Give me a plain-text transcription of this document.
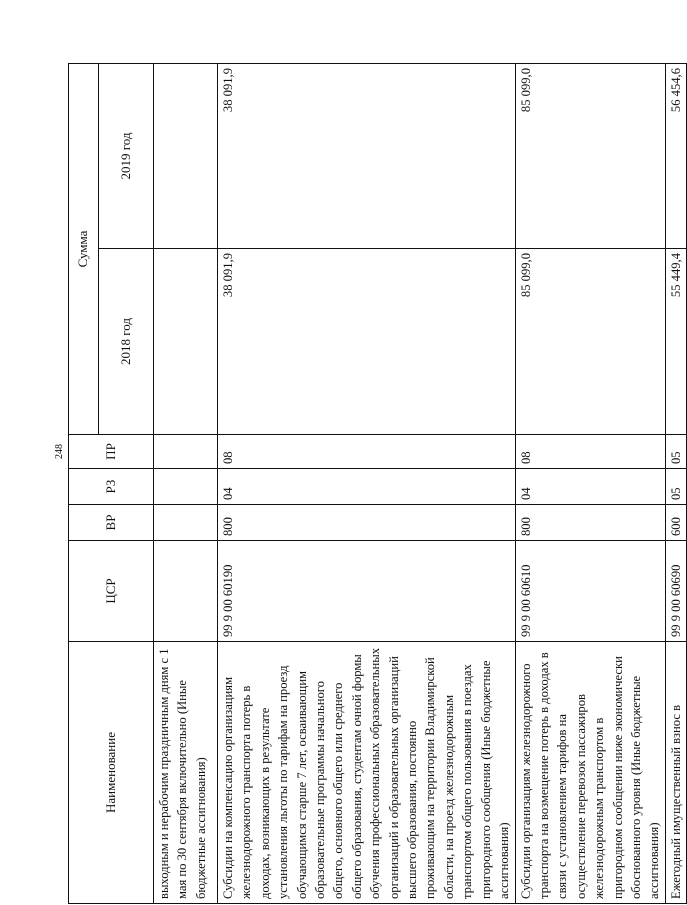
248
Наименование	ЦСР	ВР	РЗ	ПР	Сумма	
					2018 год	2019 год
выходным и нерабочим праздничным дням с 1 мая по 30 сентября включительно (Иные бюджетные ассигнования)						
Субсидии на компенсацию организациям железнодорожного транспорта потерь в доходах, возникающих в результате установления льготы по тарифам на проезд обучающимся старше 7 лет, осваивающим образовательные программы начального общего, основного общего или среднего общего образования, студентам очной формы обучения профессиональных образовательных организаций и образовательных организаций высшего образования, постоянно проживающим на территории Владимирской области, на проезд железнодорожным транспортом общего пользования в поездах пригородного сообщения (Иные бюджетные ассигнования)	99 9 00 60190	800	04	08	38 091,9	38 091,9
Субсидии организациям железнодорожного транспорта на возмещение потерь в доходах в связи с установлением тарифов на осуществление перевозок пассажиров железнодорожным транспортом в пригородном сообщении ниже экономически обоснованного уровня (Иные бюджетные ассигнования)	99 9 00 60610	800	04	08	85 099,0	85 099,0
Ежегодный имущественный взнос в	99 9 00 60690	600	05	05	55 449,4	56 454,6
